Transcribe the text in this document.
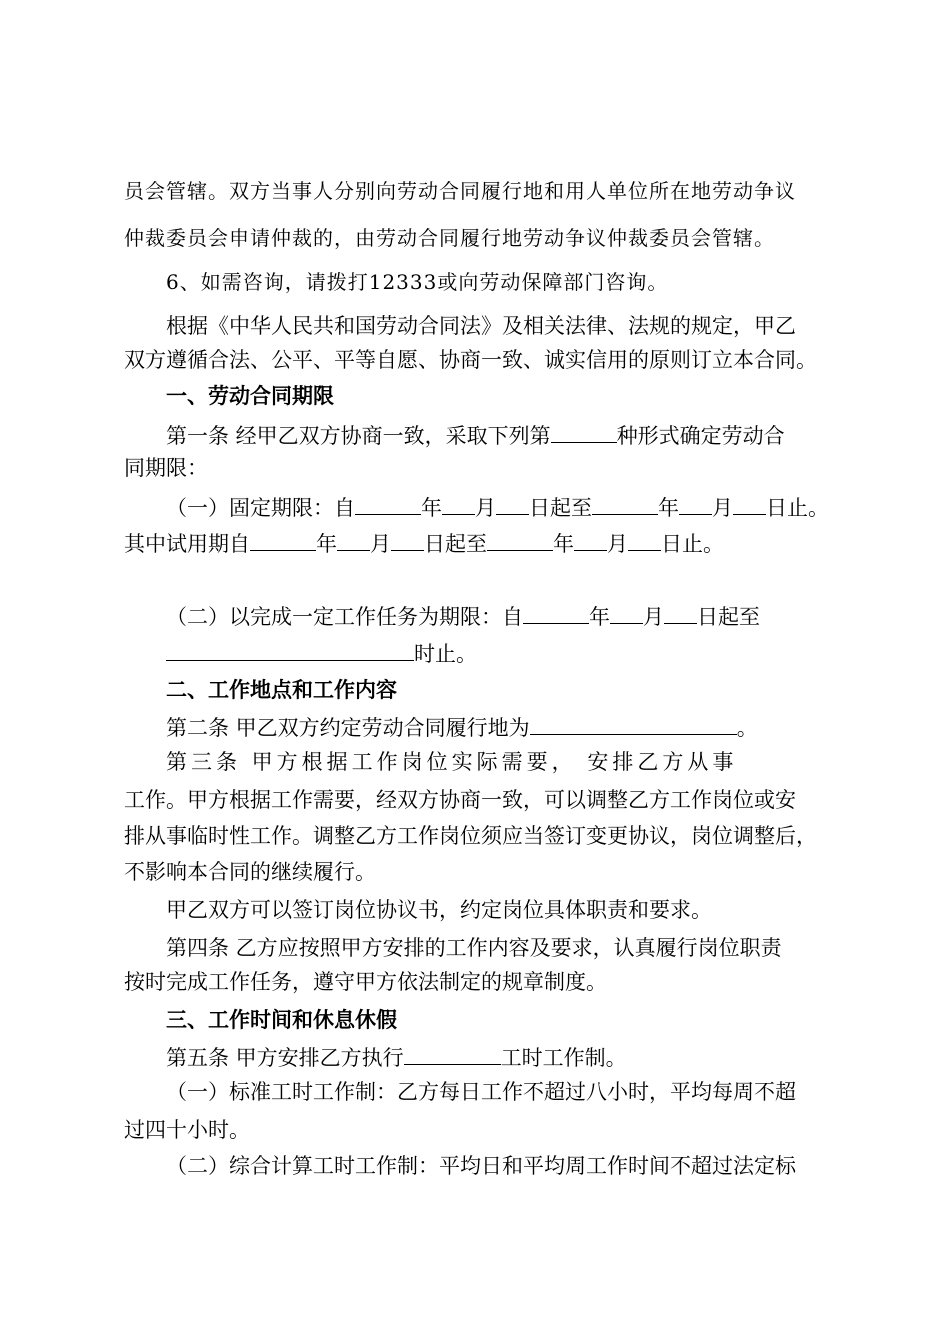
员会管辖。双方当事人分别向劳动合同履行地和用人单位所在地劳动争议
仲裁委员会申请仲裁的，由劳动合同履行地劳动争议仲裁委员会管辖。
6、如需咨询，请拨打12333或向劳动保障部门咨询。
根据《中华人民共和国劳动合同法》及相关法律、法规的规定，甲乙
双方遵循合法、公平、平等自愿、协商一致、诚实信用的原则订立本合同。
一、劳动合同期限
第一条 经甲乙双方协商一致，采取下列第	种形式确定劳动合
同期限：
（一）固定期限：自	年 月 日起至	年 月 日止。
其中试用期自	年 月 日起至	年 月 日止。
（二）以完成一定工作任务为期限：自	年 月 日起至
时止。
二、工作地点和工作内容
第二条 甲乙双方约定劳动合同履行地为	。
第三条 甲方根据工作岗位实际需要， 安排乙方从事
工作。甲方根据工作需要，经双方协商一致，可以调整乙方工作岗位或安
排从事临时性工作。调整乙方工作岗位须应当签订变更协议，岗位调整后，
不影响本合同的继续履行。
甲乙双方可以签订岗位协议书，约定岗位具体职责和要求。
第四条 乙方应按照甲方安排的工作内容及要求，认真履行岗位职责
按时完成工作任务，遵守甲方依法制定的规章制度。
三、工作时间和休息休假
第五条 甲方安排乙方执行	工时工作制。
（一）标准工时工作制：乙方每日工作不超过八小时，平均每周不超
过四十小时。
（二）综合计算工时工作制：平均日和平均周工作时间不超过法定标
